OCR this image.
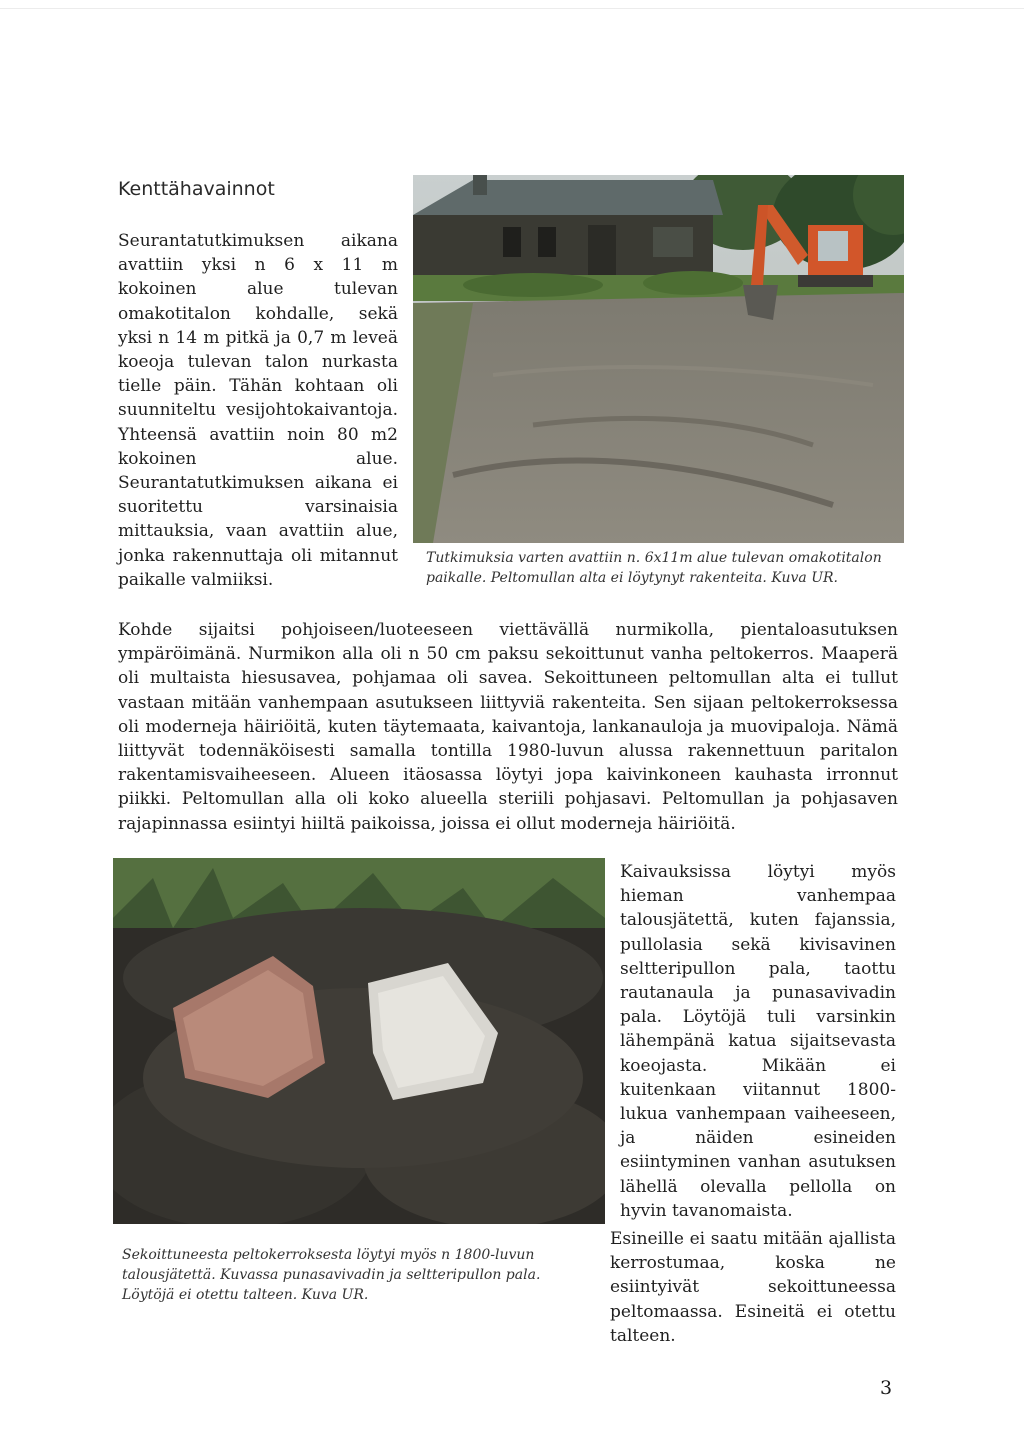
Kenttähavainnot
Seurantatutkimuksen aikana avattiin yksi n 6 x 11 m kokoinen alue tulevan omakotitalon kohdalle, sekä yksi n 14 m pitkä ja 0,7 m leveä koeoja tulevan talon nurkasta tielle päin. Tähän kohtaan oli suunniteltu vesijohtokaivantoja. Yhteensä avattiin noin 80 m2 kokoinen alue. Seurantatutkimuksen aikana ei suoritettu varsinaisia mittauksia, vaan avattiin alue, jonka rakennuttaja oli mitannut paikalle valmiiksi.
Tutkimuksia varten avattiin n. 6x11m alue tulevan omakotitalon paikalle. Peltomullan alta ei löytynyt rakenteita. Kuva UR.
Kohde sijaitsi pohjoiseen/luoteeseen viettävällä nurmikolla, pientaloasutuksen ympäröimänä. Nurmikon alla oli n 50 cm paksu sekoittunut vanha peltokerros. Maaperä oli multaista hiesusavea, pohjamaa oli savea. Sekoittuneen peltomullan alta ei tullut vastaan mitään vanhempaan asutukseen liittyviä rakenteita. Sen sijaan peltokerroksessa oli moderneja häiriöitä, kuten täytemaata, kaivantoja, lankanauloja ja muovipaloja. Nämä liittyvät todennäköisesti samalla tontilla 1980-luvun alussa rakennettuun paritalon rakentamisvaiheeseen. Alueen itäosassa löytyi jopa kaivinkoneen kauhasta irronnut piikki. Peltomullan alla oli koko alueella steriili pohjasavi. Peltomullan ja pohjasaven rajapinnassa esiintyi hiiltä paikoissa, joissa ei ollut moderneja häiriöitä.
Sekoittuneesta peltokerroksesta löytyi myös n 1800-luvun talousjätettä. Kuvassa punasavivadin ja seltteripullon pala. Löytöjä ei otettu talteen. Kuva UR.
Kaivauksissa löytyi myös hieman vanhempaa talousjätettä, kuten fajanssia, pullolasia sekä kivisavinen seltteripullon pala, taottu rautanaula ja punasavivadin pala. Löytöjä tuli varsinkin lähempänä katua sijaitsevasta koeojasta. Mikään ei kuitenkaan viitannut 1800-lukua vanhempaan vaiheeseen, ja näiden esineiden esiintyminen vanhan asutuksen lähellä olevalla pellolla on hyvin tavanomaista.
Esineille ei saatu mitään ajallista kerrostumaa, koska ne esiintyivät sekoittuneessa peltomaassa. Esineitä ei otettu talteen.
3
